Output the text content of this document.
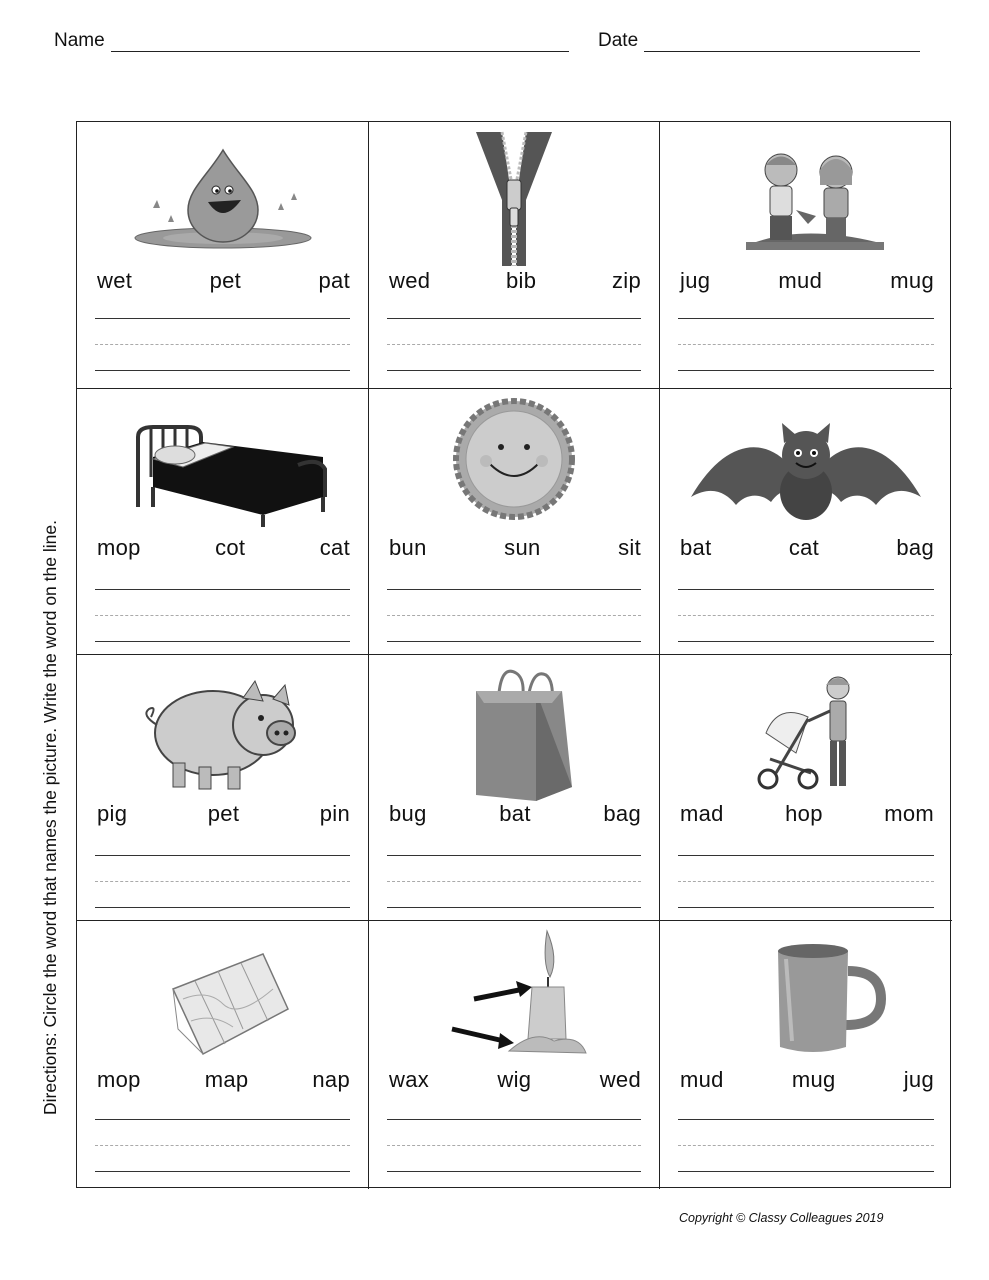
Name	Date
Directions: Circle the word that names the picture. Write the word on the line.
wet	pet	pat wed	bib	zip jug	mud	mug
mop	cot	cat bun	sun	sit bat	cat	bag
pig	pet	pin bug	bat	bag mad	hop	mom
mop	map	nap wax	wig	wed mud	mug	jug
Copyright © Classy Colleagues 2019
